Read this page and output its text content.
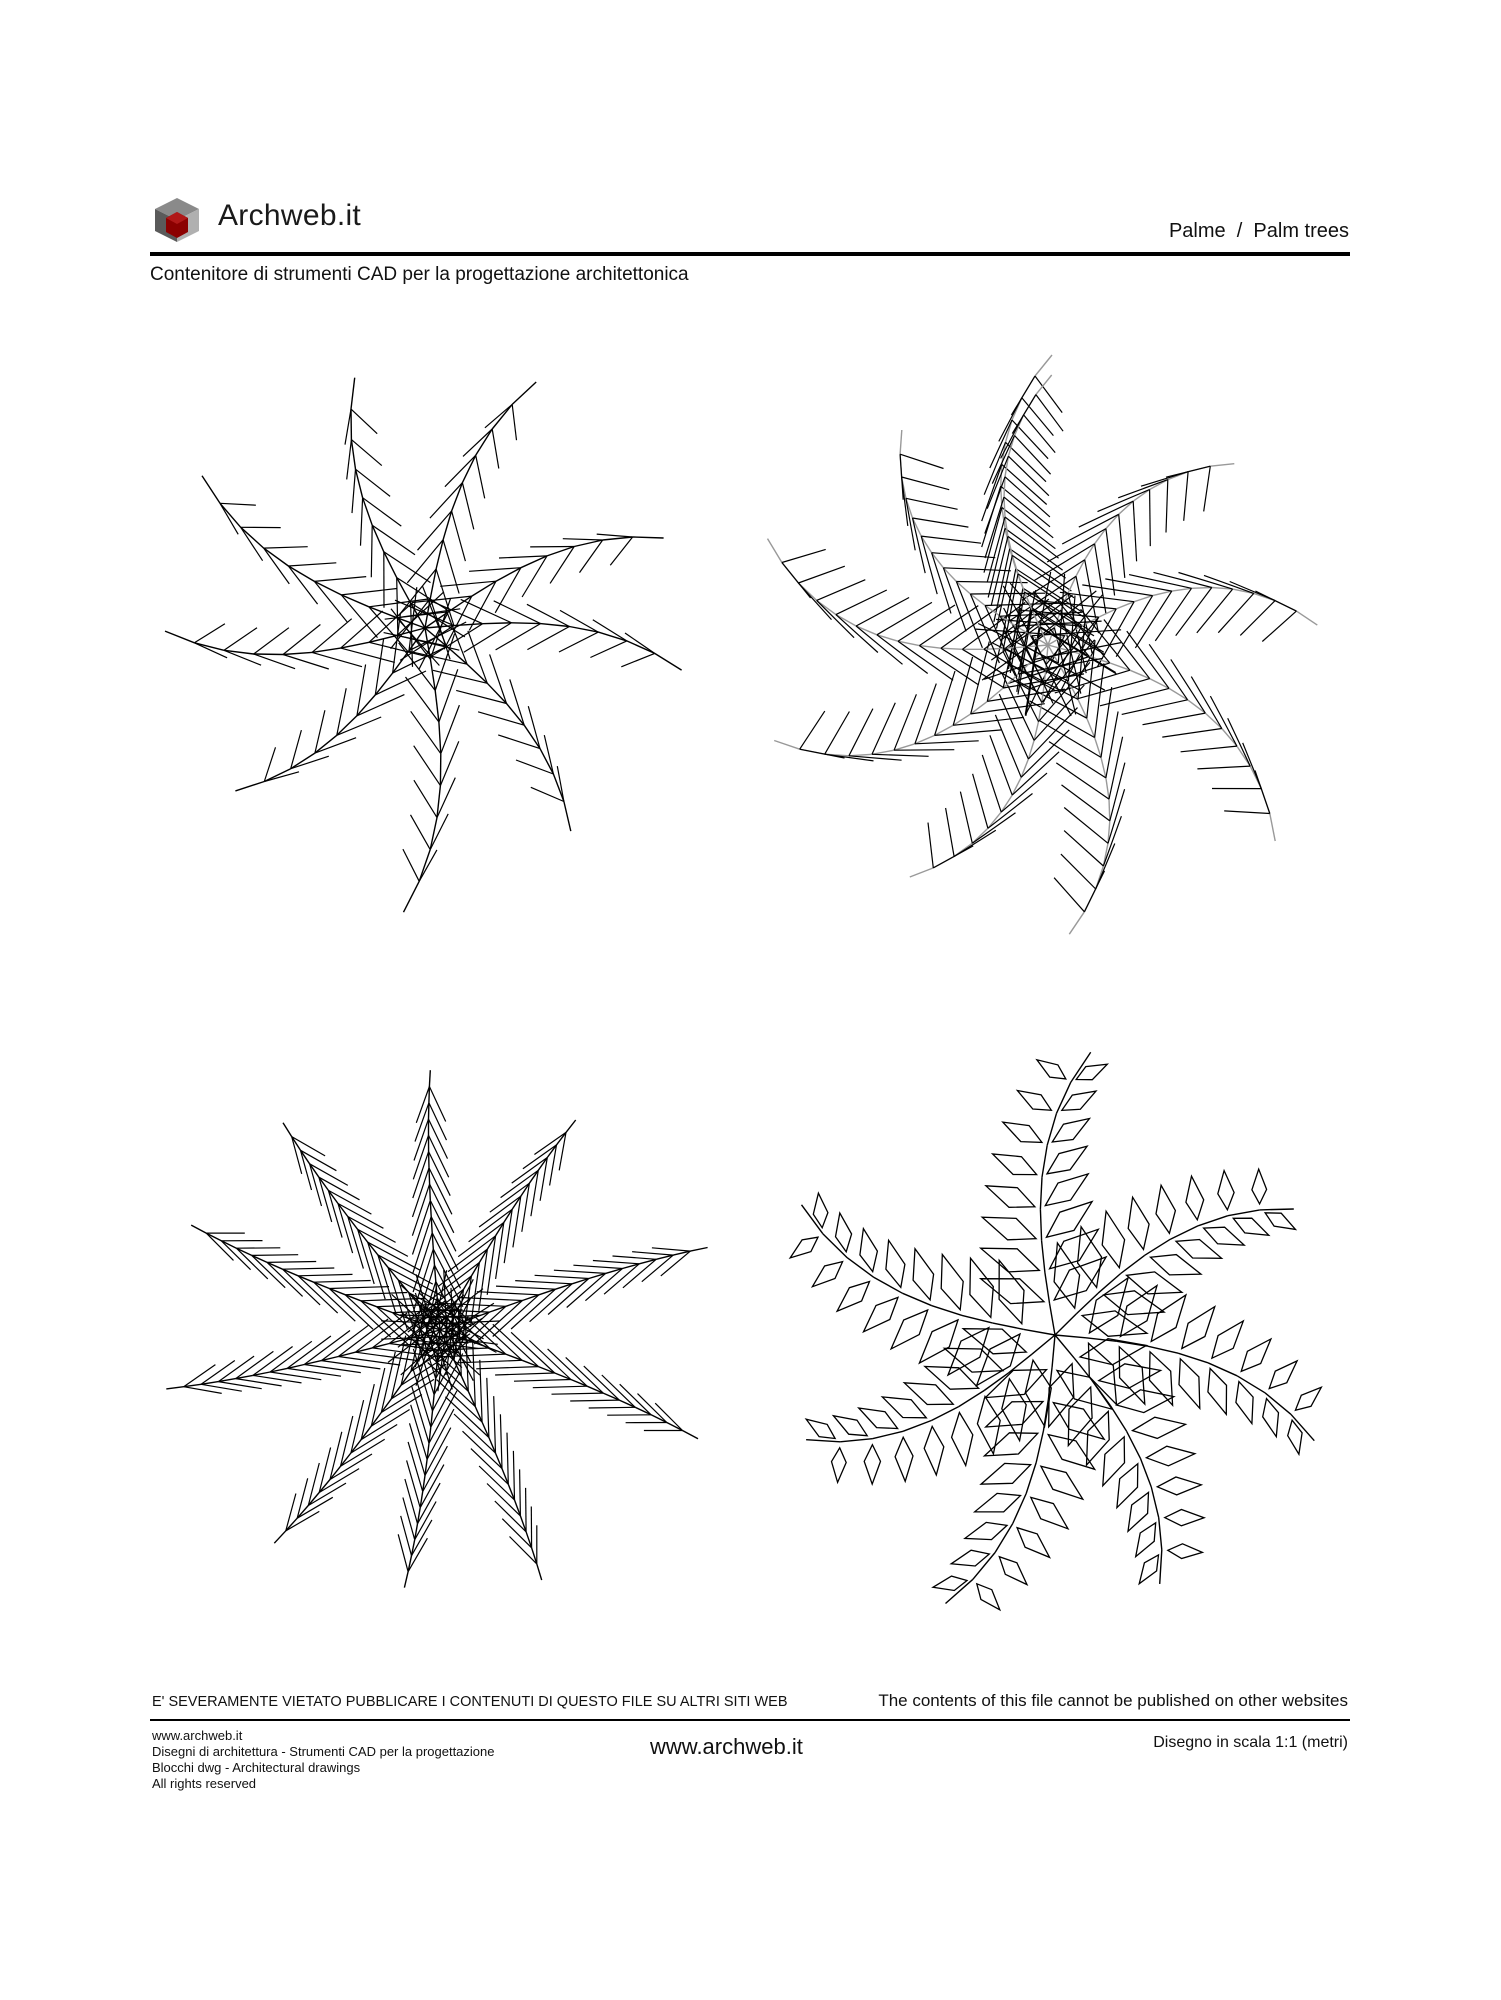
Archweb.it	Palme  /  Palm trees
Contenitore di strumenti CAD per la progettazione architettonica
E' SEVERAMENTE VIETATO PUBBLICARE I CONTENUTI DI QUESTO FILE SU ALTRI SITI WEB	The contents of this file cannot be published on other websites
www.archweb.it
Disegni di architettura - Strumenti CAD per la progettazione
Blocchi dwg - Architectural drawings
All rights reserved
www.archweb.it	Disegno in scala 1:1 (metri)
